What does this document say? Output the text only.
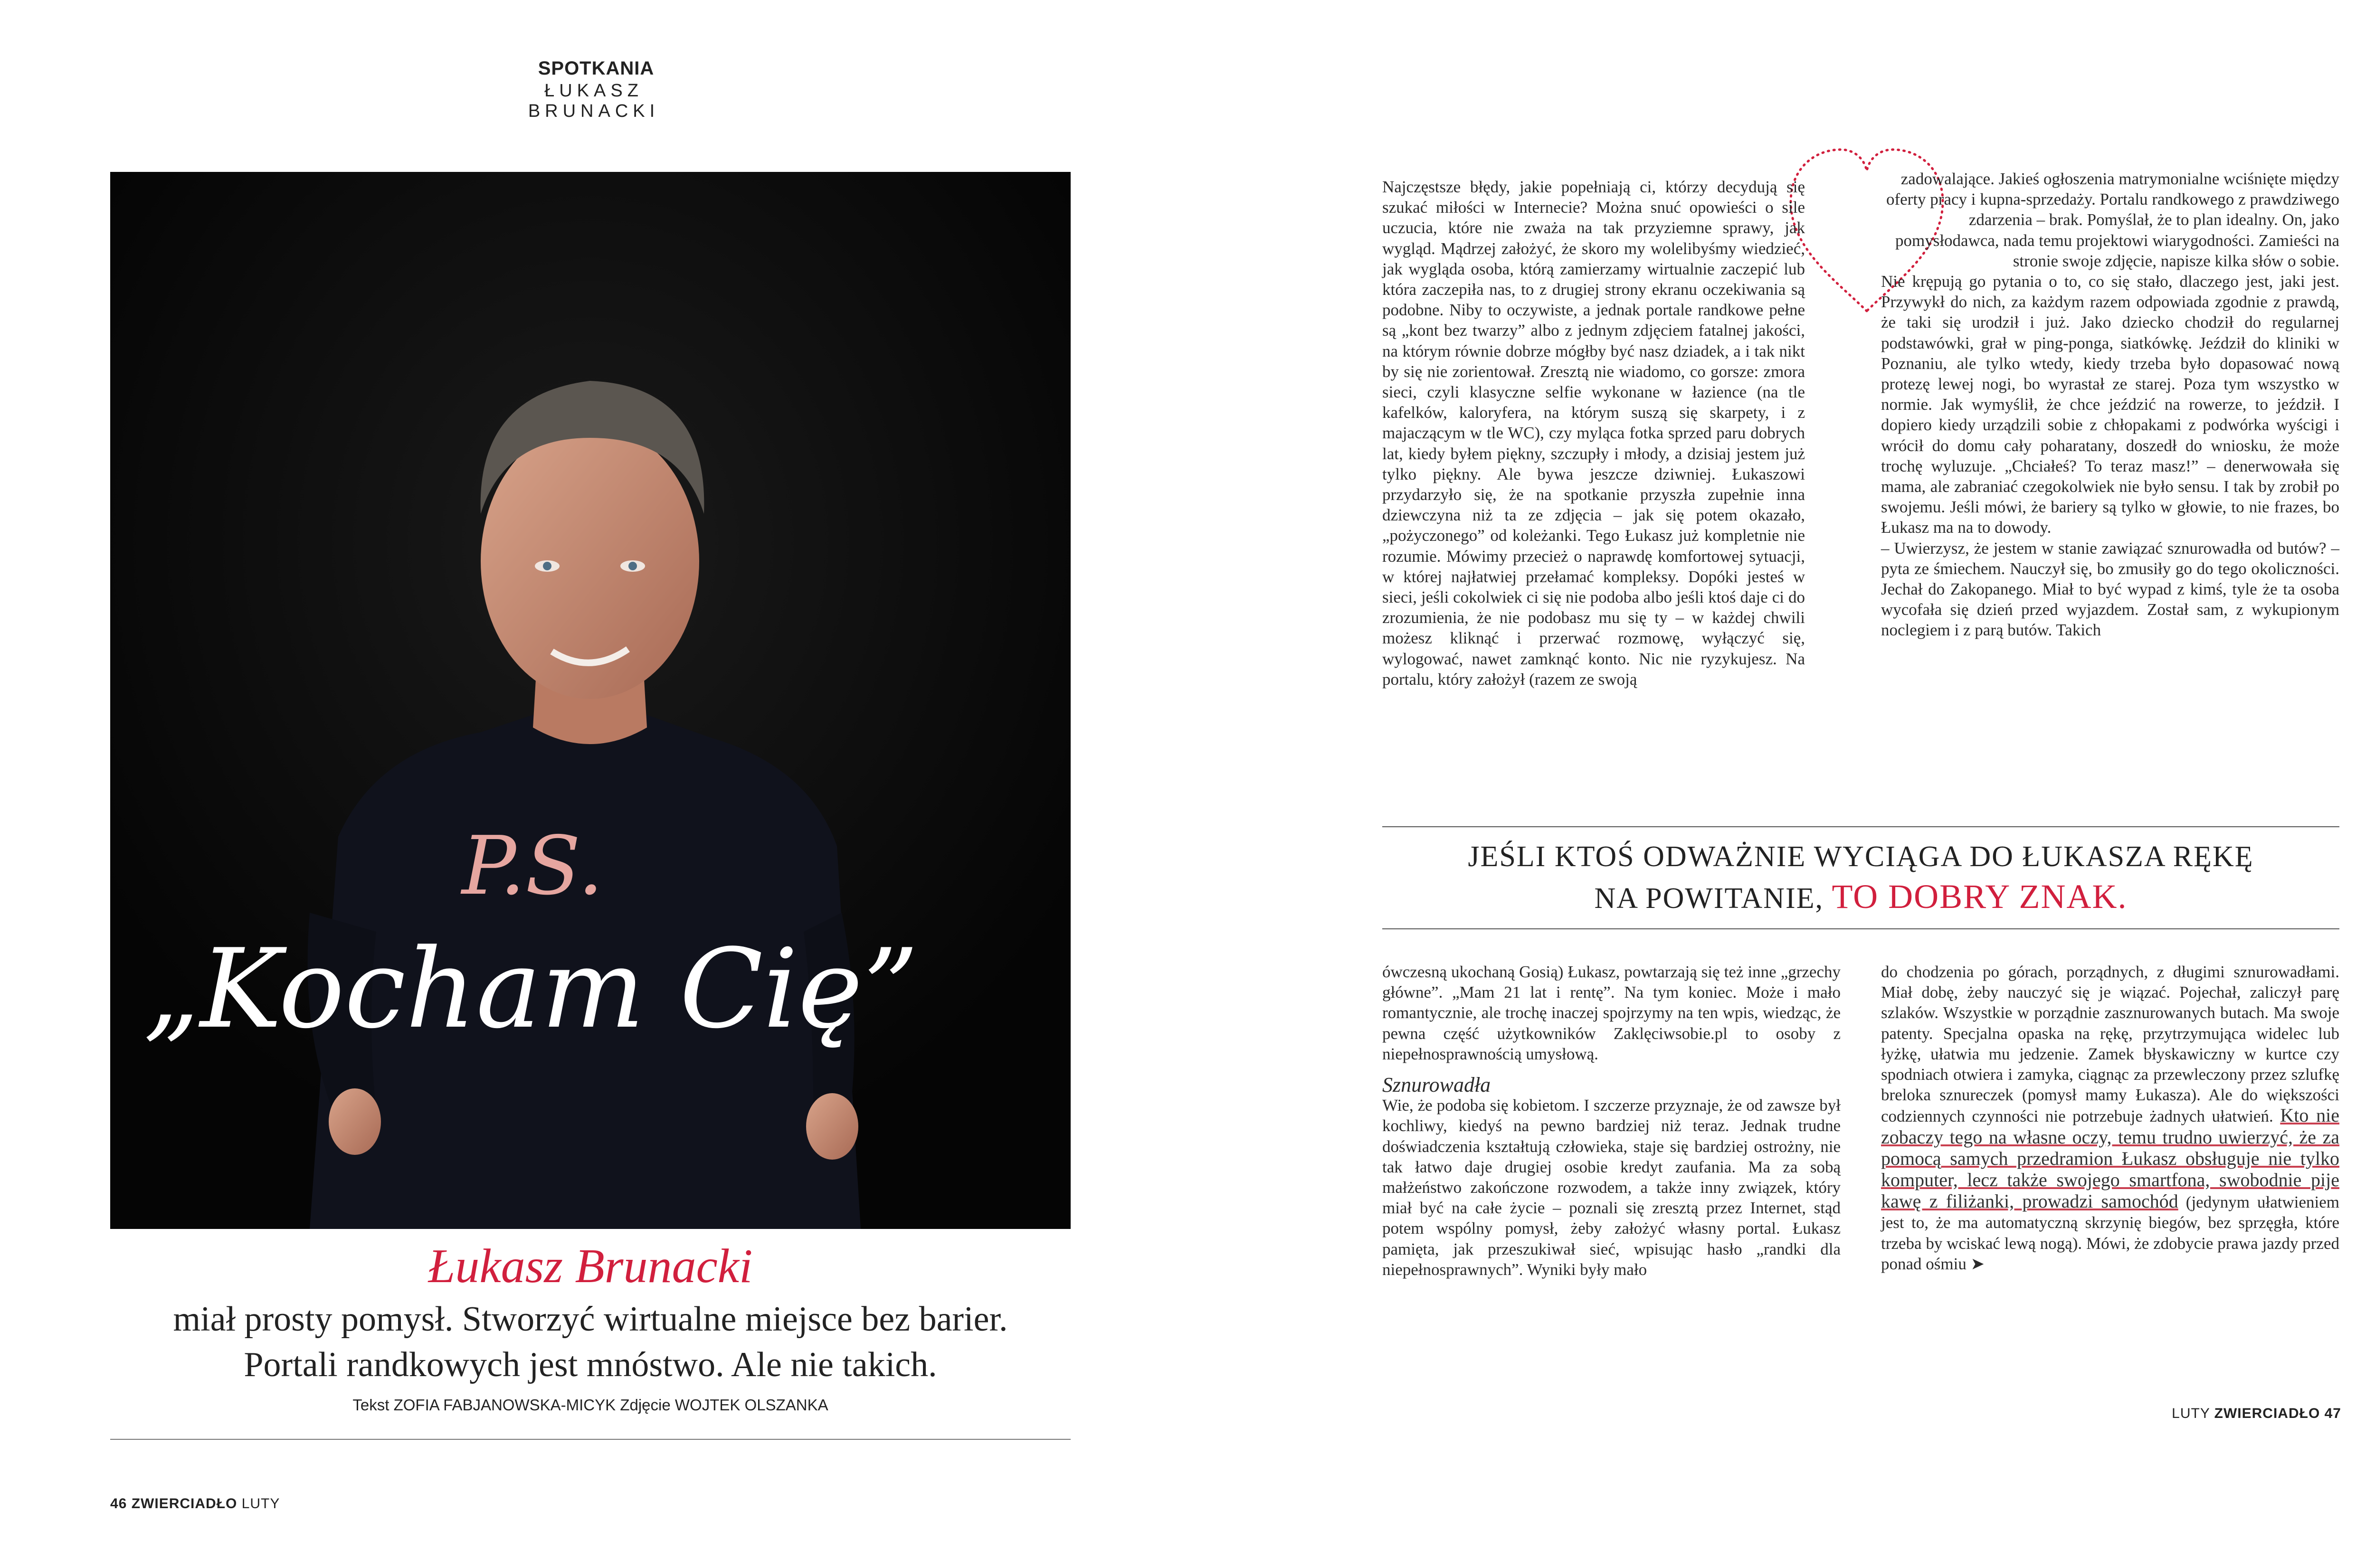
SPOTKANIA
ŁUKASZ BRUNACKI
P.S.
„Kocham Cię”
Łukasz Brunacki
miał prosty pomysł. Stworzyć wirtualne miejsce bez barier.
Portali randkowych jest mnóstwo. Ale nie takich.
Tekst ZOFIA FABJANOWSKA-MICYK Zdjęcie WOJTEK OLSZANKA
46 ZWIERCIADŁO LUTY

Najczęstsze błędy, jakie popełniają ci, którzy decydują się szukać miłości w Internecie? Można snuć opowieści o sile uczucia, które nie zważa na tak przyziemne sprawy, jak wygląd. Mądrzej założyć, że skoro my wolelibyśmy wiedzieć, jak wygląda osoba, którą zamierzamy wirtualnie zaczepić lub która zaczepiła nas, to z drugiej strony ekranu oczekiwania są podobne. Niby to oczywiste, a jednak portale randkowe pełne są „kont bez twarzy” albo z jednym zdjęciem fatalnej jakości, na którym równie dobrze mógłby być nasz dziadek, a i tak nikt by się nie zorientował. Zresztą nie wiadomo, co gorsze: zmora sieci, czyli klasyczne selfie wykonane w łazience (na tle kafelków, kaloryfera, na którym suszą się skarpety, i z majaczącym w tle WC), czy myląca fotka sprzed paru dobrych lat, kiedy byłem piękny, szczupły i młody, a dzisiaj jestem już tylko piękny. Ale bywa jeszcze dziwniej. Łukaszowi przydarzyło się, że na spotkanie przyszła zupełnie inna dziewczyna niż ta ze zdjęcia – jak się potem okazało, „pożyczonego” od koleżanki. Tego Łukasz już kompletnie nie rozumie. Mówimy przecież o naprawdę komfortowej sytuacji, w której najłatwiej przełamać kompleksy. Dopóki jesteś w sieci, jeśli cokolwiek ci się nie podoba albo jeśli ktoś daje ci do zrozumienia, że nie podobasz mu się ty – w każdej chwili możesz kliknąć i przerwać rozmowę, wyłączyć się, wylogować, nawet zamknąć konto. Nic nie ryzykujesz. Na portalu, który założył (razem ze swoją

zadowalające. Jakieś ogłoszenia matrymonialne wciśnięte między oferty pracy i kupna-sprzedaży. Portalu randkowego z prawdziwego zdarzenia – brak. Pomyślał, że to plan idealny. On, jako pomysłodawca, nada temu projektowi wiarygodności. Zamieści na stronie swoje zdjęcie, napisze kilka słów o sobie.

Nie krępują go pytania o to, co się stało, dlaczego jest, jaki jest. Przywykł do nich, za każdym razem odpowiada zgodnie z prawdą, że taki się urodził i już. Jako dziecko chodził do regularnej podstawówki, grał w ping-ponga, siatkówkę. Jeździł do kliniki w Poznaniu, ale tylko wtedy, kiedy trzeba było dopasować nową protezę lewej nogi, bo wyrastał ze starej. Poza tym wszystko w normie. Jak wymyślił, że chce jeździć na rowerze, to jeździł. I dopiero kiedy urządzili sobie z chłopakami z podwórka wyścigi i wrócił do domu cały poharatany, doszedł do wniosku, że może trochę wyluzuje. „Chciałeś? To teraz masz!” – denerwowała się mama, ale zabraniać czegokolwiek nie było sensu. I tak by zrobił po swojemu. Jeśli mówi, że bariery są tylko w głowie, to nie frazes, bo Łukasz ma na to dowody.

– Uwierzysz, że jestem w stanie zawiązać sznurowadła od butów? – pyta ze śmiechem. Nauczył się, bo zmusiły go do tego okoliczności. Jechał do Zakopanego. Miał to być wypad z kimś, tyle że ta osoba wycofała się dzień przed wyjazdem. Został sam, z wykupionym noclegiem i z parą butów. Takich

JEŚLI KTOŚ ODWAŻNIE WYCIĄGA DO ŁUKASZA RĘKĘ
NA POWITANIE, TO DOBRY ZNAK.

ówczesną ukochaną Gosią) Łukasz, powtarzają się też inne „grzechy główne”. „Mam 21 lat i rentę”. Na tym koniec. Może i mało romantycznie, ale trochę inaczej spojrzymy na ten wpis, wiedząc, że pewna część użytkowników Zaklęciwsobie.pl to osoby z niepełnosprawnością umysłową.

Sznurowadła

Wie, że podoba się kobietom. I szczerze przyznaje, że od zawsze był kochliwy, kiedyś na pewno bardziej niż teraz. Jednak trudne doświadczenia kształtują człowieka, staje się bardziej ostrożny, nie tak łatwo daje drugiej osobie kredyt zaufania. Ma za sobą małżeństwo zakończone rozwodem, a także inny związek, który miał być na całe życie – poznali się zresztą przez Internet, stąd potem wspólny pomysł, żeby założyć własny portal. Łukasz pamięta, jak przeszukiwał sieć, wpisując hasło „randki dla niepełnosprawnych”. Wyniki były mało

do chodzenia po górach, porządnych, z długimi sznurowadłami. Miał dobę, żeby nauczyć się je wiązać. Pojechał, zaliczył parę szlaków. Wszystkie w porządnie zasznurowanych butach. Ma swoje patenty. Specjalna opaska na rękę, przytrzymująca widelec lub łyżkę, ułatwia mu jedzenie. Zamek błyskawiczny w kurtce czy spodniach otwiera i zamyka, ciągnąc za przewleczony przez szlufkę breloka sznureczek (pomysł mamy Łukasza). Ale do większości codziennych czynności nie potrzebuje żadnych ułatwień. Kto nie zobaczy tego na własne oczy, temu trudno uwierzyć, że za pomocą samych przedramion Łukasz obsługuje nie tylko komputer, lecz także swojego smartfona, swobodnie pije kawę z filiżanki, prowadzi samochód (jedynym ułatwieniem jest to, że ma automatyczną skrzynię biegów, bez sprzęgła, które trzeba by wciskać lewą nogą). Mówi, że zdobycie prawa jazdy przed ponad ośmiu ➤

LUTY ZWIERCIADŁO 47
